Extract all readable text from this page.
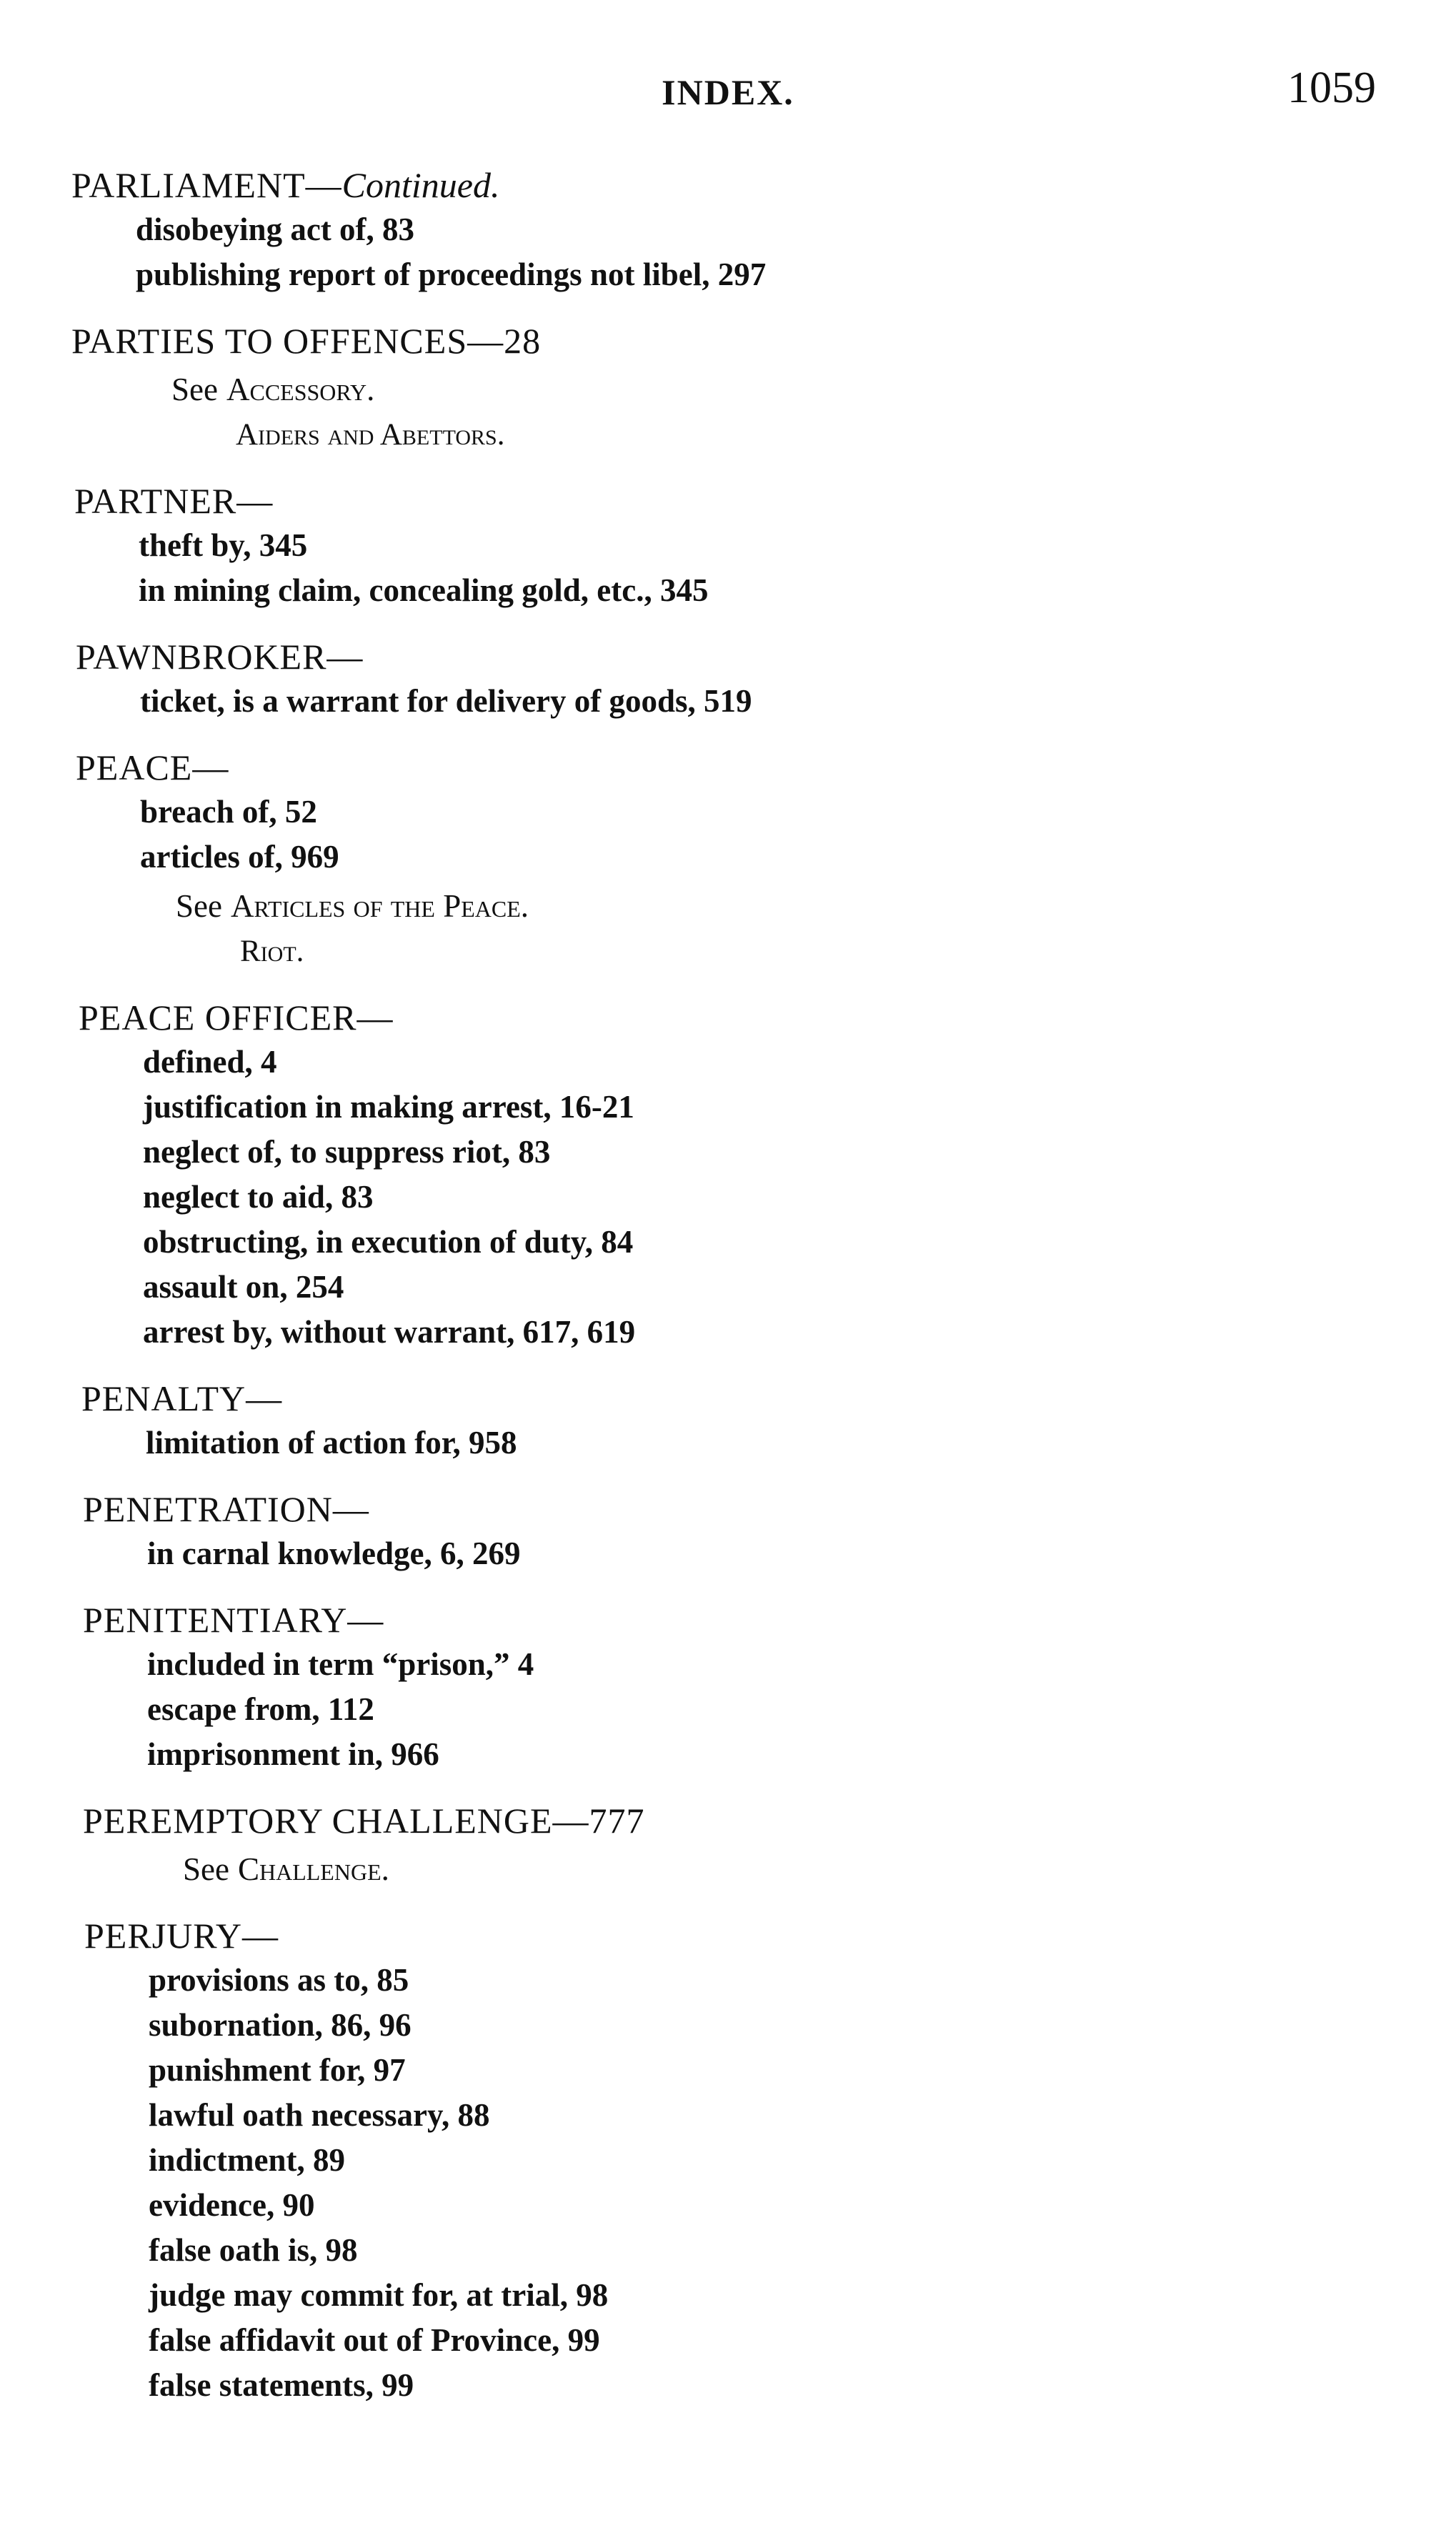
INDEX.	1059
PARLIAMENT—Continued.
disobeying act of, 83
publishing report of proceedings not libel, 297
PARTIES TO OFFENCES—28
See Accessory.
Aiders and Abettors.
PARTNER—
theft by, 345
in mining claim, concealing gold, etc., 345
PAWNBROKER—
ticket, is a warrant for delivery of goods, 519
PEACE—
breach of, 52
articles of, 969
See Articles of the Peace.
Riot.
PEACE OFFICER—
defined, 4
justification in making arrest, 16-21
neglect of, to suppress riot, 83
neglect to aid, 83
obstructing, in execution of duty, 84
assault on, 254
arrest by, without warrant, 617, 619
PENALTY—
limitation of action for, 958
PENETRATION—
in carnal knowledge, 6, 269
PENITENTIARY—
included in term “prison,” 4
escape from, 112
imprisonment in, 966
PEREMPTORY CHALLENGE—777
See Challenge.
PERJURY—
provisions as to, 85
subornation, 86, 96
punishment for, 97
lawful oath necessary, 88
indictment, 89
evidence, 90
false oath is, 98
judge may commit for, at trial, 98
false affidavit out of Province, 99
false statements, 99
